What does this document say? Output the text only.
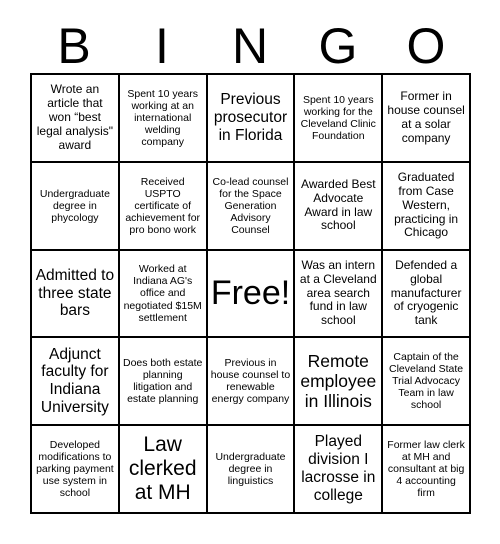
B	I	N	G O
Wrote an article that won “best legal analysis" award
Spent 10 years working at an international welding company
Previous prosecutor in Florida
Spent 10 years working for the Cleveland Clinic Foundation
Former in house counsel at a solar company
Undergraduate degree in phycology
Received USPTO certificate of achievement for pro bono work
Co-lead counsel for the Space Generation Advisory Counsel
Awarded Best Advocate Award in law school
Graduated from Case Western, practicing in Chicago
Admitted to three state bars
Worked at Indiana AG's office and negotiated $15M settlement
Free!
Was an intern at a Cleveland area search fund in law school
Defended a global manufacturer of cryogenic tank
Adjunct faculty for Indiana University
Does both estate planning litigation and estate planning
Previous in house counsel to renewable energy company
Remote employee in Illinois
Captain of the Cleveland State Trial Advocacy Team in law school
Developed modifications to parking payment use system in school
Law clerked at MH
Undergraduate degree in linguistics
Played division I lacrosse in college
Former law clerk at MH and consultant at big 4 accounting firm
